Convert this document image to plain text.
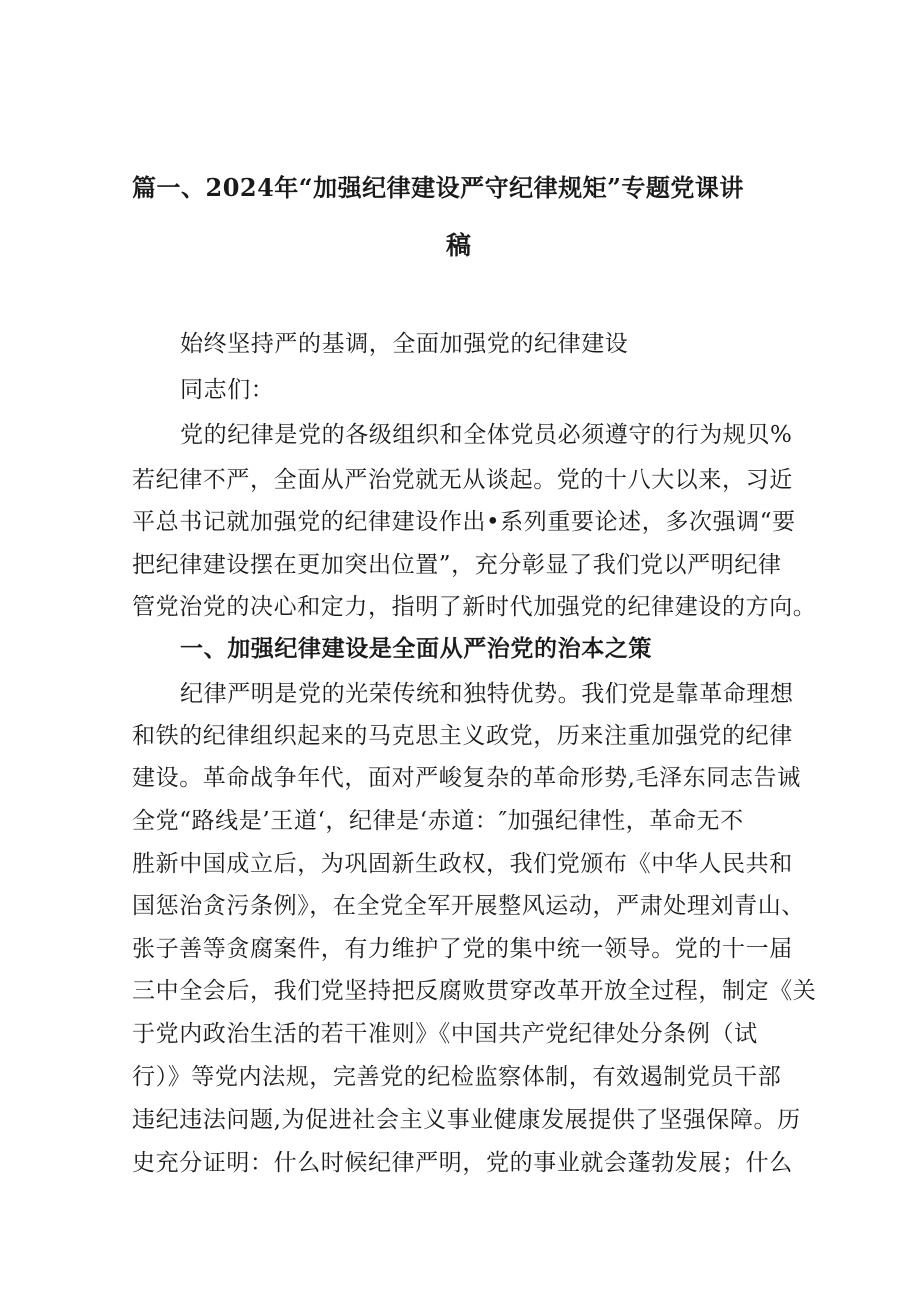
篇一、2024年“加强纪律建设严守纪律规矩”专题党课讲
稿
始终坚持严的基调，全面加强党的纪律建设
同志们：
党的纪律是党的各级组织和全体党员必须遵守的行为规贝%
若纪律不严，全面从严治党就无从谈起。党的十八大以来，习近
平总书记就加强党的纪律建设作出•系列重要论述，多次强调“要
把纪律建设摆在更加突出位置”，充分彰显了我们党以严明纪律
管党治党的决心和定力，指明了新时代加强党的纪律建设的方向。
一、加强纪律建设是全面从严治党的治本之策
纪律严明是党的光荣传统和独特优势。我们党是靠革命理想
和铁的纪律组织起来的马克思主义政党，历来注重加强党的纪律
建设。革命战争年代，面对严峻复杂的革命形势,毛泽东同志告诫
全党“路线是’王道‘，纪律是‘赤道：″加强纪律性，革命无不
胜新中国成立后，为巩固新生政权，我们党颁布《中华人民共和
国惩治贪污条例》，在全党全军开展整风运动，严肃处理刘青山、
张子善等贪腐案件，有力维护了党的集中统一领导。党的十一届
三中全会后，我们党坚持把反腐败贯穿改革开放全过程，制定《关
于党内政治生活的若干准则》《中国共产党纪律处分条例（试
行）》等党内法规，完善党的纪检监察体制，有效遏制党员干部
违纪违法问题,为促进社会主义事业健康发展提供了坚强保障。历
史充分证明：什么时候纪律严明，党的事业就会蓬勃发展；什么
